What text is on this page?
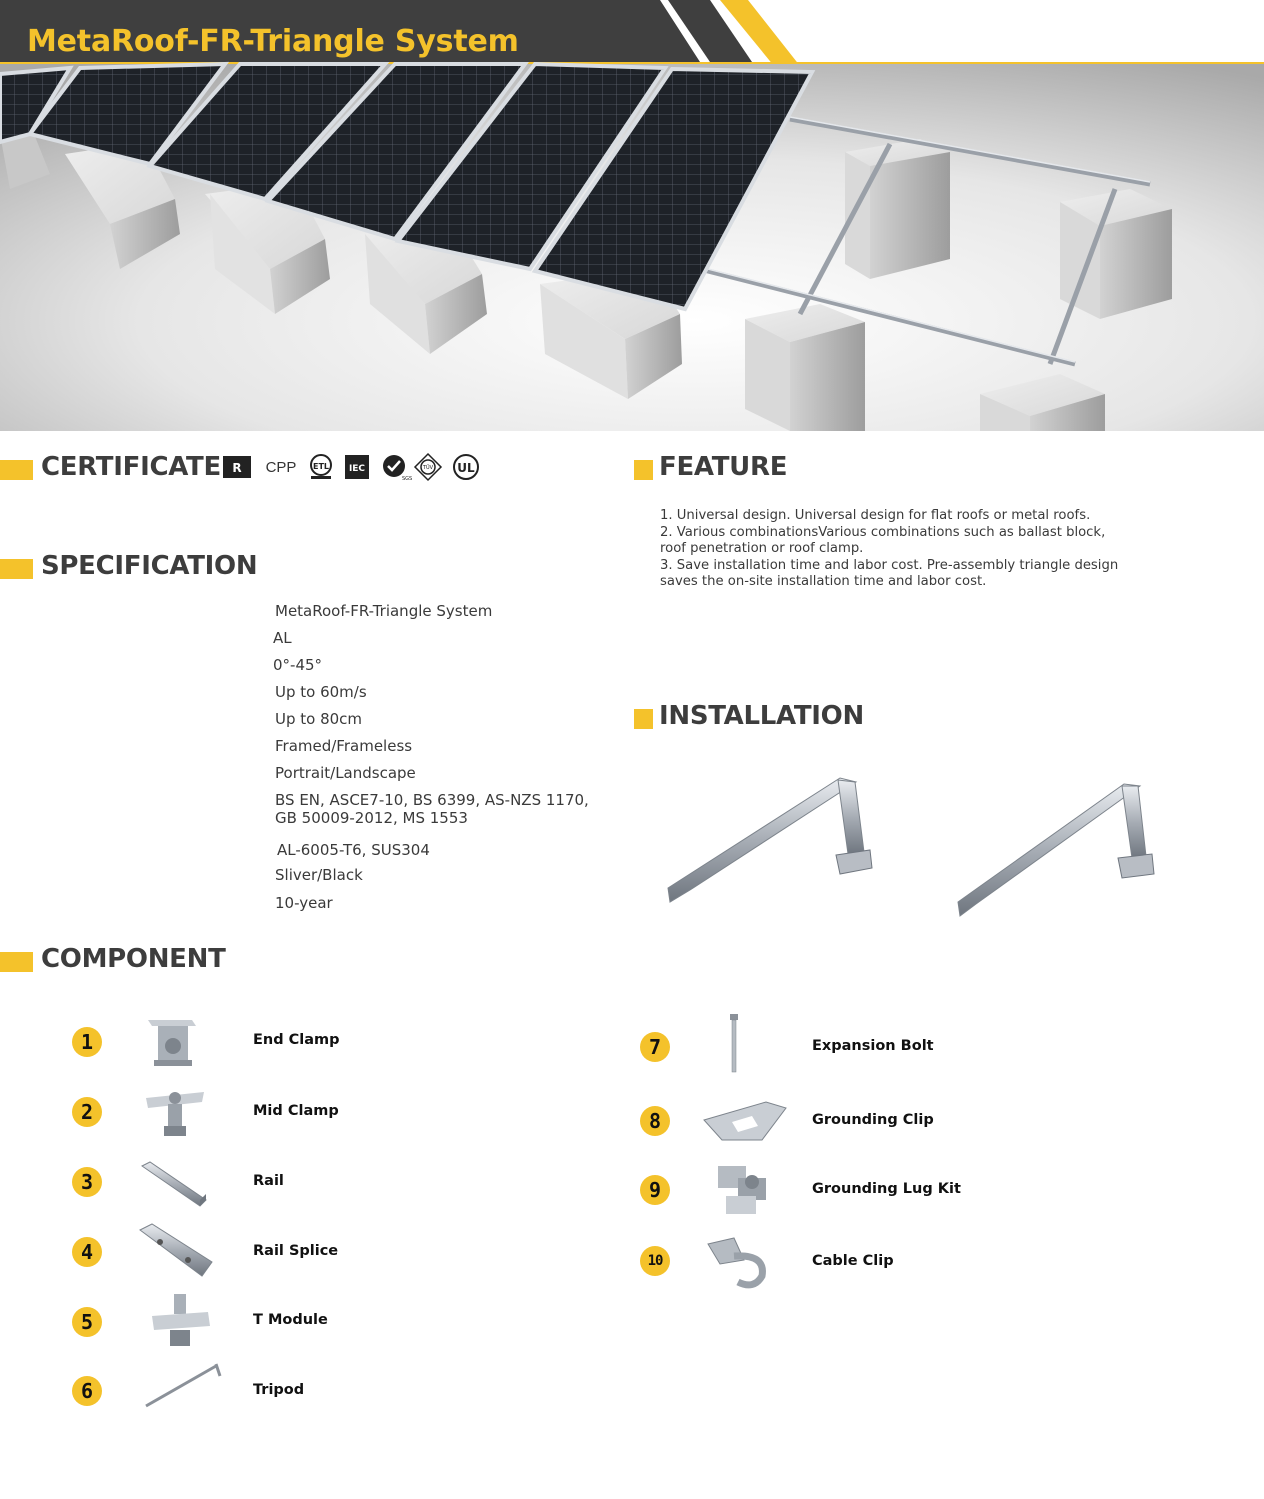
MetaRoof-FR-Triangle System
CERTIFICATE R CPP ETL IEC
SGS
TÜV UL	FEATURE

1. Universal design. Universal design for flat roofs or metal roofs.

2. Various combinationsVarious combinations such as ballast block, roof penetration or roof clamp.

3. Save installation time and labor cost. Pre-assembly triangle design saves the on-site installation time and labor cost.

SPECIFICATION
MetaRoof-FR-Triangle System
AL
0°-45°
Up to 60m/s
Up to 80cm
Framed/Frameless
Portrait/Landscape
BS EN, ASCE7-10, BS 6399, AS-NZS 1170,
GB 50009-2012, MS 1553
AL-6005-T6, SUS304
Sliver/Black
10-year
INSTALLATION
COMPONENT
1	End Clamp
2	Mid Clamp
3	Rail
4	Rail Splice
5	T Module
6	Tripod
7	Expansion Bolt
8	Grounding Clip
9	Grounding Lug Kit
10	Cable Clip
